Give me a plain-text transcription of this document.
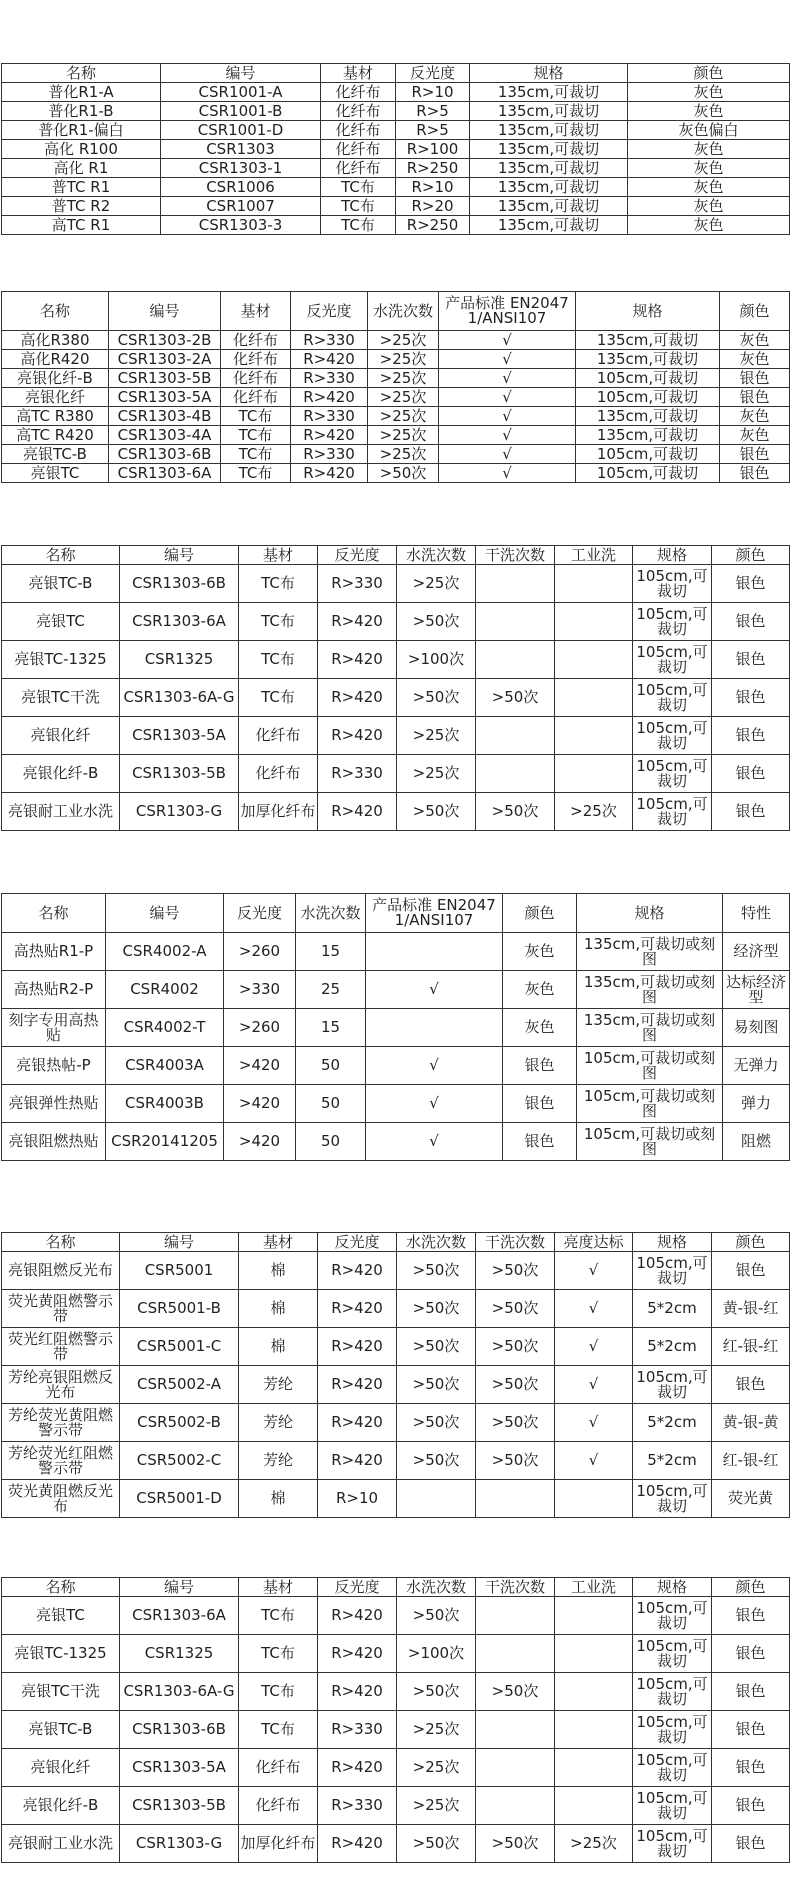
名称	编号	基材	反光度	规格	颜色
普化R1-A	CSR1001-A	化纤布	R>10	135cm,可裁切	灰色
普化R1-B	CSR1001-B	化纤布	R>5	135cm,可裁切	灰色
普化R1-偏白	CSR1001-D	化纤布	R>5	135cm,可裁切	灰色偏白
高化 R100	CSR1303	化纤布	R>100	135cm,可裁切	灰色
高化 R1	CSR1303-1	化纤布	R>250	135cm,可裁切	灰色
普TC R1	CSR1006	TC布	R>10	135cm,可裁切	灰色
普TC R2	CSR1007	TC布	R>20	135cm,可裁切	灰色
高TC R1	CSR1303-3	TC布	R>250	135cm,可裁切	灰色
名称	编号	基材	反光度	水洗次数	产品标准 EN20471/ANSI107	规格	颜色
高化R380	CSR1303-2B	化纤布	R>330	>25次	√	135cm,可裁切	灰色
高化R420	CSR1303-2A	化纤布	R>420	>25次	√	135cm,可裁切	灰色
亮银化纤-B	CSR1303-5B	化纤布	R>330	>25次	√	105cm,可裁切	银色
亮银化纤	CSR1303-5A	化纤布	R>420	>25次	√	105cm,可裁切	银色
高TC R380	CSR1303-4B	TC布	R>330	>25次	√	135cm,可裁切	灰色
高TC R420	CSR1303-4A	TC布	R>420	>25次	√	135cm,可裁切	灰色
亮银TC-B	CSR1303-6B	TC布	R>330	>25次	√	105cm,可裁切	银色
亮银TC	CSR1303-6A	TC布	R>420	>50次	√	105cm,可裁切	银色
名称	编号	基材	反光度	水洗次数	干洗次数	工业洗	规格	颜色
亮银TC-B	CSR1303-6B	TC布	R>330	>25次			105cm,可裁切	银色
亮银TC	CSR1303-6A	TC布	R>420	>50次			105cm,可裁切	银色
亮银TC-1325	CSR1325	TC布	R>420	>100次			105cm,可裁切	银色
亮银TC干洗	CSR1303-6A-G	TC布	R>420	>50次	>50次		105cm,可裁切	银色
亮银化纤	CSR1303-5A	化纤布	R>420	>25次			105cm,可裁切	银色
亮银化纤-B	CSR1303-5B	化纤布	R>330	>25次			105cm,可裁切	银色
亮银耐工业水洗	CSR1303-G	加厚化纤布	R>420	>50次	>50次	>25次	105cm,可裁切	银色
名称	编号	反光度	水洗次数	产品标准 EN20471/ANSI107	颜色	规格	特性
高热贴R1-P	CSR4002-A	>260	15		灰色	135cm,可裁切或刻图	经济型
高热贴R2-P	CSR4002	>330	25	√	灰色	135cm,可裁切或刻图	达标经济型
刻字专用高热贴	CSR4002-T	>260	15		灰色	135cm,可裁切或刻图	易刻图
亮银热帖-P	CSR4003A	>420	50	√	银色	105cm,可裁切或刻图	无弹力
亮银弹性热贴	CSR4003B	>420	50	√	银色	105cm,可裁切或刻图	弹力
亮银阻燃热贴	CSR20141205	>420	50	√	银色	105cm,可裁切或刻图	阻燃
名称	编号	基材	反光度	水洗次数	干洗次数	亮度达标	规格	颜色
亮银阻燃反光布	CSR5001	棉	R>420	>50次	>50次	√	105cm,可裁切	银色
荧光黄阻燃警示带	CSR5001-B	棉	R>420	>50次	>50次	√	5*2cm	黄-银-红
荧光红阻燃警示带	CSR5001-C	棉	R>420	>50次	>50次	√	5*2cm	红-银-红
芳纶亮银阻燃反光布	CSR5002-A	芳纶	R>420	>50次	>50次	√	105cm,可裁切	银色
芳纶荧光黄阻燃警示带	CSR5002-B	芳纶	R>420	>50次	>50次	√	5*2cm	黄-银-黄
芳纶荧光红阻燃警示带	CSR5002-C	芳纶	R>420	>50次	>50次	√	5*2cm	红-银-红
荧光黄阻燃反光布	CSR5001-D	棉	R>10				105cm,可裁切	荧光黄
名称	编号	基材	反光度	水洗次数	干洗次数	工业洗	规格	颜色
亮银TC	CSR1303-6A	TC布	R>420	>50次			105cm,可裁切	银色
亮银TC-1325	CSR1325	TC布	R>420	>100次			105cm,可裁切	银色
亮银TC干洗	CSR1303-6A-G	TC布	R>420	>50次	>50次		105cm,可裁切	银色
亮银TC-B	CSR1303-6B	TC布	R>330	>25次			105cm,可裁切	银色
亮银化纤	CSR1303-5A	化纤布	R>420	>25次			105cm,可裁切	银色
亮银化纤-B	CSR1303-5B	化纤布	R>330	>25次			105cm,可裁切	银色
亮银耐工业水洗	CSR1303-G	加厚化纤布	R>420	>50次	>50次	>25次	105cm,可裁切	银色
